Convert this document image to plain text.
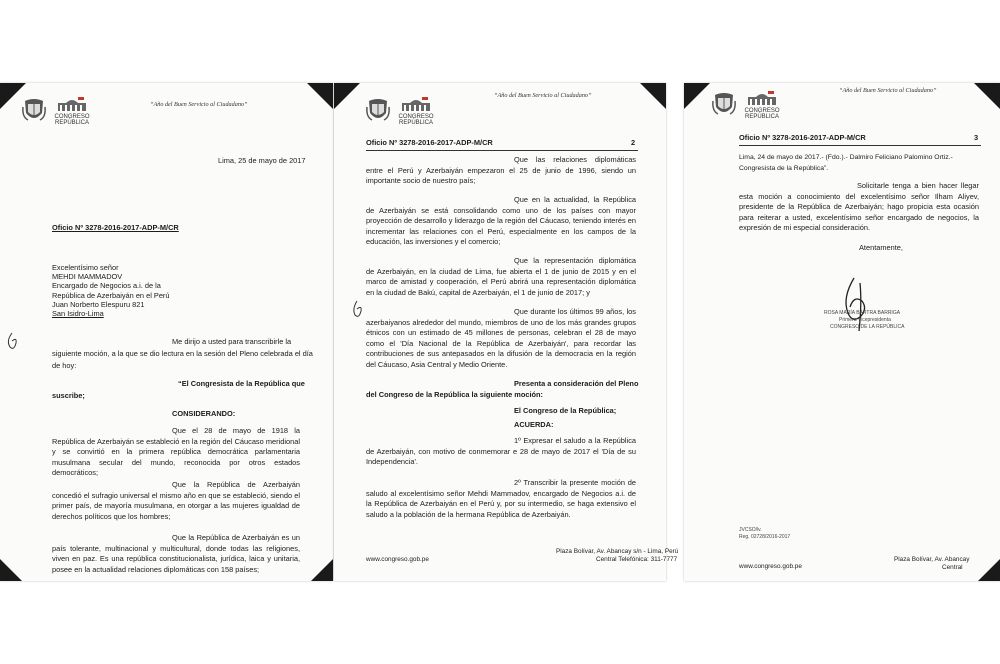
CONGRESO
REPÚBLICA
“Año del Buen Servicio al Ciudadano”
Lima, 25 de mayo de 2017
Oficio Nº 3278-2016-2017-ADP-M/CR
Excelentísimo señor
MEHDI MAMMADOV
Encargado de Negocios a.i. de la
República de Azerbaiyán en el Perú
Juan Norberto Elespuru 821
San Isidro-Lima
Me dirijo a usted para transcribirle la
siguiente moción, a la que se dio lectura en la sesión del Pleno celebrada el día
de hoy:
“El Congresista de la República que
suscribe;
CONSIDERANDO:
Que el 28 de mayo de 1918 la República de Azerbaiyán se estableció en la región del Cáucaso meridional y se convirtió en la primera república democrática parlamentaria musulmana secular del mundo, reconocida por otros estados democráticos;
Que la República de Azerbaiyán concedió el sufragio universal el mismo año en que se estableció, siendo el primer país, de mayoría musulmana, en otorgar a las mujeres igualdad de derechos políticos que los hombres;
Que la República de Azerbaiyán es un país tolerante, multinacional y multicultural, donde todas las religiones, viven en paz. Es una república constitucionalista, jurídica, laica y unitaria, posee en la actualidad relaciones diplomáticas con 158 países;
CONGRESO
REPÚBLICA
“Año del Buen Servicio al Ciudadano”
Oficio Nº 3278-2016-2017-ADP-M/CR	2
Que las relaciones diplomáticas entre el Perú y Azerbaiyán empezaron el 25 de junio de 1996, siendo un importante socio de nuestro país;
Que en la actualidad, la República de Azerbaiyán se está consolidando como uno de los países con mayor proyección de desarrollo y liderazgo de la región del Cáucaso, teniendo interés en incrementar las relaciones con el Perú, especialmente en los campos de la educación, las inversiones y el comercio;
Que la representación diplomática de Azerbaiyán, en la ciudad de Lima, fue abierta el 1 de junio de 2015 y en el marco de amistad y cooperación, el Perú abrirá una representación diplomática en la ciudad de Bakú, capital de Azerbaiyán, el 1 de junio de 2017; y
Que durante los últimos 99 años, los azerbaiyanos alrededor del mundo, miembros de uno de los más grandes grupos étnicos con un estimado de 45 millones de personas, celebran el 28 de mayo como el 'Día Nacional de la República de Azerbaiyán', para recordar las contribuciones de sus antepasados en la difusión de la democracia en la región del Cáucaso, Asia Central y Medio Oriente.
Presenta a consideración del Pleno
del Congreso de la República la siguiente moción:
El Congreso de la República;
ACUERDA:
1º Expresar el saludo a la República de Azerbaiyán, con motivo de conmemorar e 28 de mayo de 2017 el 'Día de su Independencia'.
2º Transcribir la presente moción de saludo al excelentísimo señor Mehdi Mammadov, encargado de Negocios a.i. de la República de Azerbaiyán en el Perú y, por su intermedio, se haga extensivo el saludo a la población de la hermana República de Azerbaiyán.
www.congreso.gob.pe
Plaza Bolívar, Av. Abancay s/n - Lima, Perú
Central Telefónica: 311-7777
CONGRESO
REPÚBLICA
“Año del Buen Servicio al Ciudadano”
Oficio Nº 3278-2016-2017-ADP-M/CR	3
Lima, 24 de mayo de 2017.- (Fdo.).- Dalmiro Feliciano Palomino Ortiz.-
Congresista de la República”.
Solicitarle tenga a bien hacer llegar esta moción a conocimiento del excelentísimo señor Ilham Aliyev, presidente de la República de Azerbaiyán; hago propicia esta ocasión para reiterar a usted, excelentísimo señor encargado de negocios, la expresión de mi especial consideración.
Atentamente,
ROSA MARÍA BARTRA BARRIGA
Primera Vicepresidenta
CONGRESO DE LA REPÚBLICA
JVCSO/lv.
Reg. 02728/2016-2017
www.congreso.gob.pe
Plaza Bolívar, Av. Abancay
Central
